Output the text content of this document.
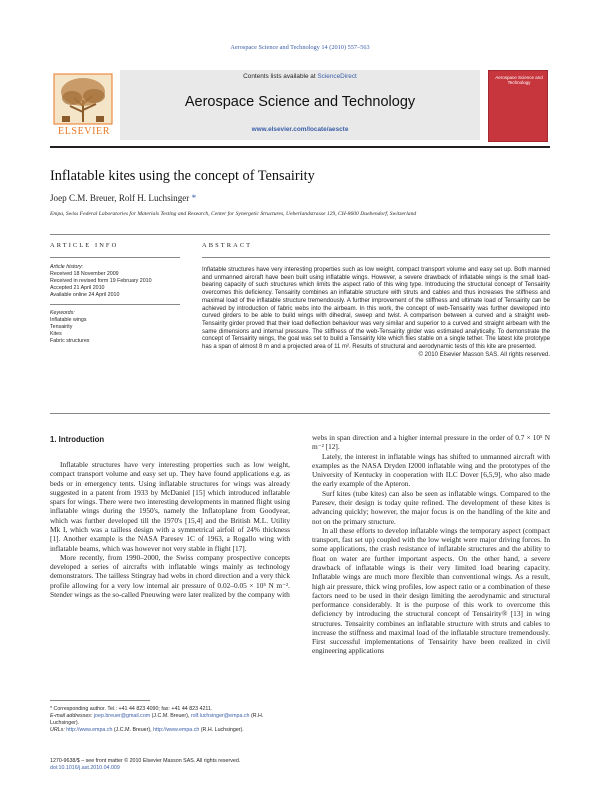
Aerospace Science and Technology 14 (2010) 557–563
ELSEVIER
Contents lists available at ScienceDirect
Aerospace Science and Technology
www.elsevier.com/locate/aescte
Aerospace Science and Technology
Inflatable kites using the concept of Tensairity
Joep C.M. Breuer, Rolf H. Luchsinger *
Empa, Swiss Federal Laboratories for Materials Testing and Research, Center for Synergetic Structures, Ueberlandstrasse 129, CH-8600 Duebendorf, Switzerland
ARTICLE INFO	ABSTRACT
Article history:
Received 18 November 2009
Received in revised form 19 February 2010
Accepted 21 April 2010
Available online 24 April 2010
Keywords:
Inflatable wings
Tensairity
Kites
Fabric structures
Inflatable structures have very interesting properties such as low weight, compact transport volume and easy set up. Both manned and unmanned aircraft have been built using inflatable wings. However, a severe drawback of inflatable wings is the small load-bearing capacity of such structures which limits the aspect ratio of this wing type. Introducing the structural concept of Tensairity overcomes this deficiency. Tensairity combines an inflatable structure with struts and cables and thus increases the stiffness and maximal load of the inflatable structure tremendously. A further improvement of the stiffness and ultimate load of Tensairity can be achieved by introduction of fabric webs into the airbeam. In this work, the concept of web-Tensairity was further developed into curved girders to be able to build wings with dihedral, sweep and twist. A comparison between a curved and a straight web-Tensairity girder proved that their load deflection behaviour was very similar and superior to a curved and straight airbeam with the same dimensions and internal pressure. The stiffness of the web-Tensairity girder was estimated analytically. To demonstrate the concept of Tensairity wings, the goal was set to build a Tensairity kite which flies stable on a single tether. The latest kite prototype has a span of almost 8 m and a projected area of 11 m². Results of structural and aerodynamic tests of this kite are presented.
© 2010 Elsevier Masson SAS. All rights reserved.
1. Introduction

Inflatable structures have very interesting properties such as low weight, compact transport volume and easy set up. They have found applications e.g. as beds or in emergency tents. Using inflatable structures for wings was already suggested in a patent from 1933 by McDaniel [15] which introduced inflatable spars for wings. There were two interesting developments in manned flight using inflatable wings during the 1950's, namely the Inflatoplane from Goodyear, which was further developed till the 1970's [15,4] and the British M.L. Utility Mk I, which was a tailless design with a symmetrical airfoil of 24% thickness [1]. Another example is the NASA Paresev 1C of 1963, a Rogallo wing with inflatable beams, which was however not very stable in flight [17].

More recently, from 1990–2000, the Swiss company prospective concepts developed a series of aircrafts with inflatable wings mainly as technology demonstrators. The tailless Stingray had webs in chord direction and a very thick profile allowing for a very low internal air pressure of 0.02–0.05 × 10⁵ N m⁻². Stender wings as the so-called Pneuwing were later realized by the company with

* Corresponding author. Tel.: +41 44 823 4090; fax: +41 44 823 4211.
E-mail addresses: joep.breuer@gmail.com (J.C.M. Breuer), rolf.luchsinger@empa.ch (R.H. Luchsinger).
URLs: http://www.empa.ch (J.C.M. Breuer), http://www.empa.ch (R.H. Luchsinger).
1270-9638/$ – see front matter © 2010 Elsevier Masson SAS. All rights reserved.
doi:10.1016/j.ast.2010.04.009

webs in span direction and a higher internal pressure in the order of 0.7 × 10⁵ N m⁻² [12].

Lately, the interest in inflatable wings has shifted to unmanned aircraft with examples as the NASA Dryden I2000 inflatable wing and the prototypes of the University of Kentucky in cooperation with ILC Dover [6,5,9], who also made the early example of the Apteron.

Surf kites (tube kites) can also be seen as inflatable wings. Compared to the Paresev, their design is today quite refined. The development of these kites is advancing quickly; however, the major focus is on the handling of the kite and not on the primary structure.

In all these efforts to develop inflatable wings the temporary aspect (compact transport, fast set up) coupled with the low weight were major driving forces. In some applications, the crash resistance of inflatable structures and the ability to float on water are further important aspects. On the other hand, a severe drawback of inflatable wings is their very limited load bearing capacity. Inflatable wings are much more flexible than conventional wings. As a result, high air pressure, thick wing profiles, low aspect ratio or a combination of these factors need to be used in their design limiting the aerodynamic and structural performance considerably. It is the purpose of this work to overcome this deficiency by introducing the structural concept of Tensairity® [13] in wing structures. Tensairity combines an inflatable structure with struts and cables to increase the stiffness and maximal load of the inflatable structure tremendously. First successful implementations of Tensairity have been realized in civil engineering applications
